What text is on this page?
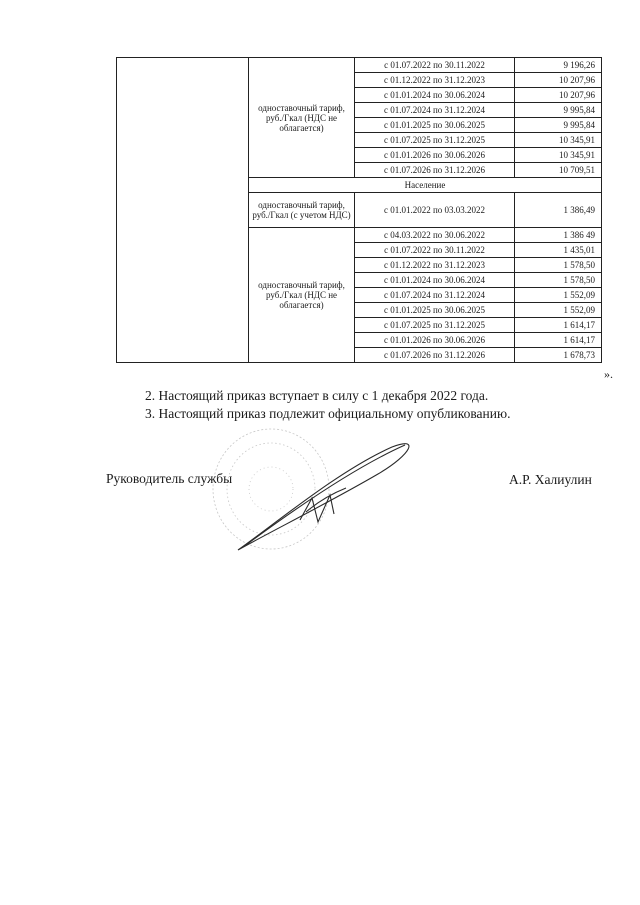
	одноставочный тариф, руб./Гкал (НДС не облагается)	с 01.07.2022 по 30.11.2022	9 196,26
		с 01.12.2022 по 31.12.2023	10 207,96
		с 01.01.2024 по 30.06.2024	10 207,96
		с 01.07.2024 по 31.12.2024	9 995,84
		с 01.01.2025 по 30.06.2025	9 995,84
		с 01.07.2025 по 31.12.2025	10 345,91
		с 01.01.2026 по 30.06.2026	10 345,91
		с 01.07.2026 по 31.12.2026	10 709,51
	Население		
	одноставочный тариф, руб./Гкал (с учетом НДС)	с 01.01.2022 по 03.03.2022	1 386,49
	одноставочный тариф, руб./Гкал (НДС не облагается)	с 04.03.2022 по 30.06.2022	1 386 49
		с 01.07.2022 по 30.11.2022	1 435,01
		с 01.12.2022 по 31.12.2023	1 578,50
		с 01.01.2024 по 30.06.2024	1 578,50
		с 01.07.2024 по 31.12.2024	1 552,09
		с 01.01.2025 по 30.06.2025	1 552,09
		с 01.07.2025 по 31.12.2025	1 614,17
		с 01.01.2026 по 30.06.2026	1 614,17
		с 01.07.2026 по 31.12.2026	1 678,73
».
2. Настоящий приказ вступает в силу с 1 декабря 2022 года.
3. Настоящий приказ подлежит официальному опубликованию.
Руководитель службы	А.Р. Халиулин
